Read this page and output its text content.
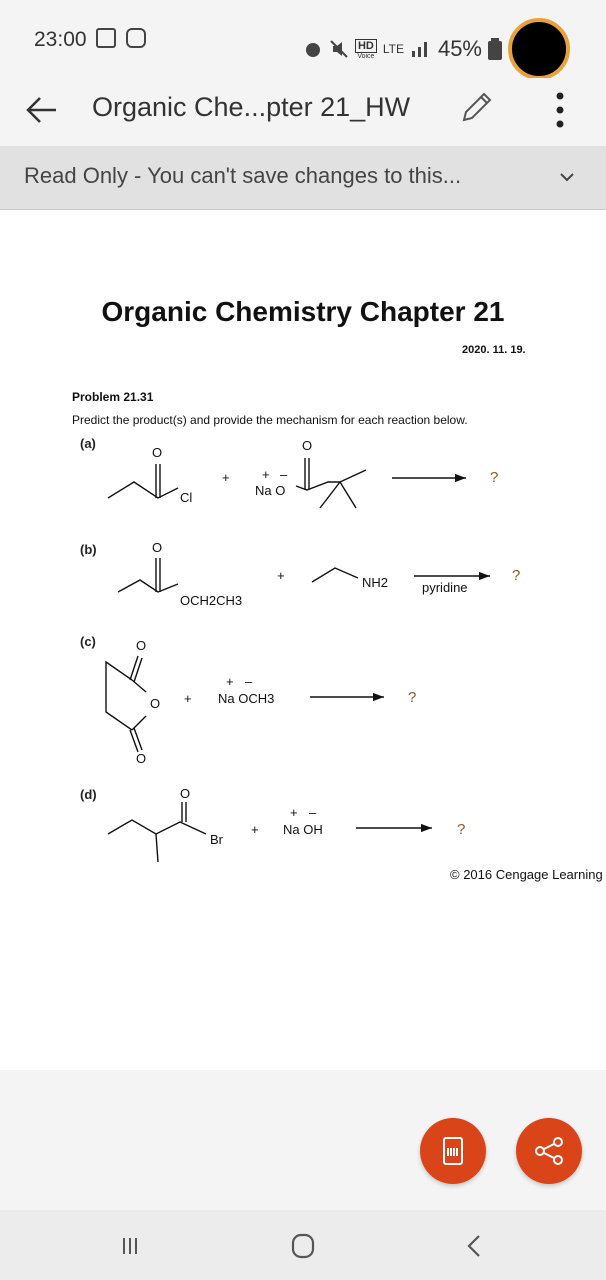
23:00	HD
Voice LTE 45%
Organic Che...pter 21_HW
Read Only - You can't save changes to this...
Organic Chemistry Chapter 21
2020. 11. 19.
Problem 21.31
Predict the product(s) and provide the mechanism for each reaction below.
(a)
(b)
(c)
(d)
O
Cl
+ + –
Na O
O
?
O
OCH2CH3
+	NH2	pyridine
?
O
O
O
+
+ –
Na OCH3	?
O
Br
+
+ –
Na OH	?
© 2016 Cengage Learning
